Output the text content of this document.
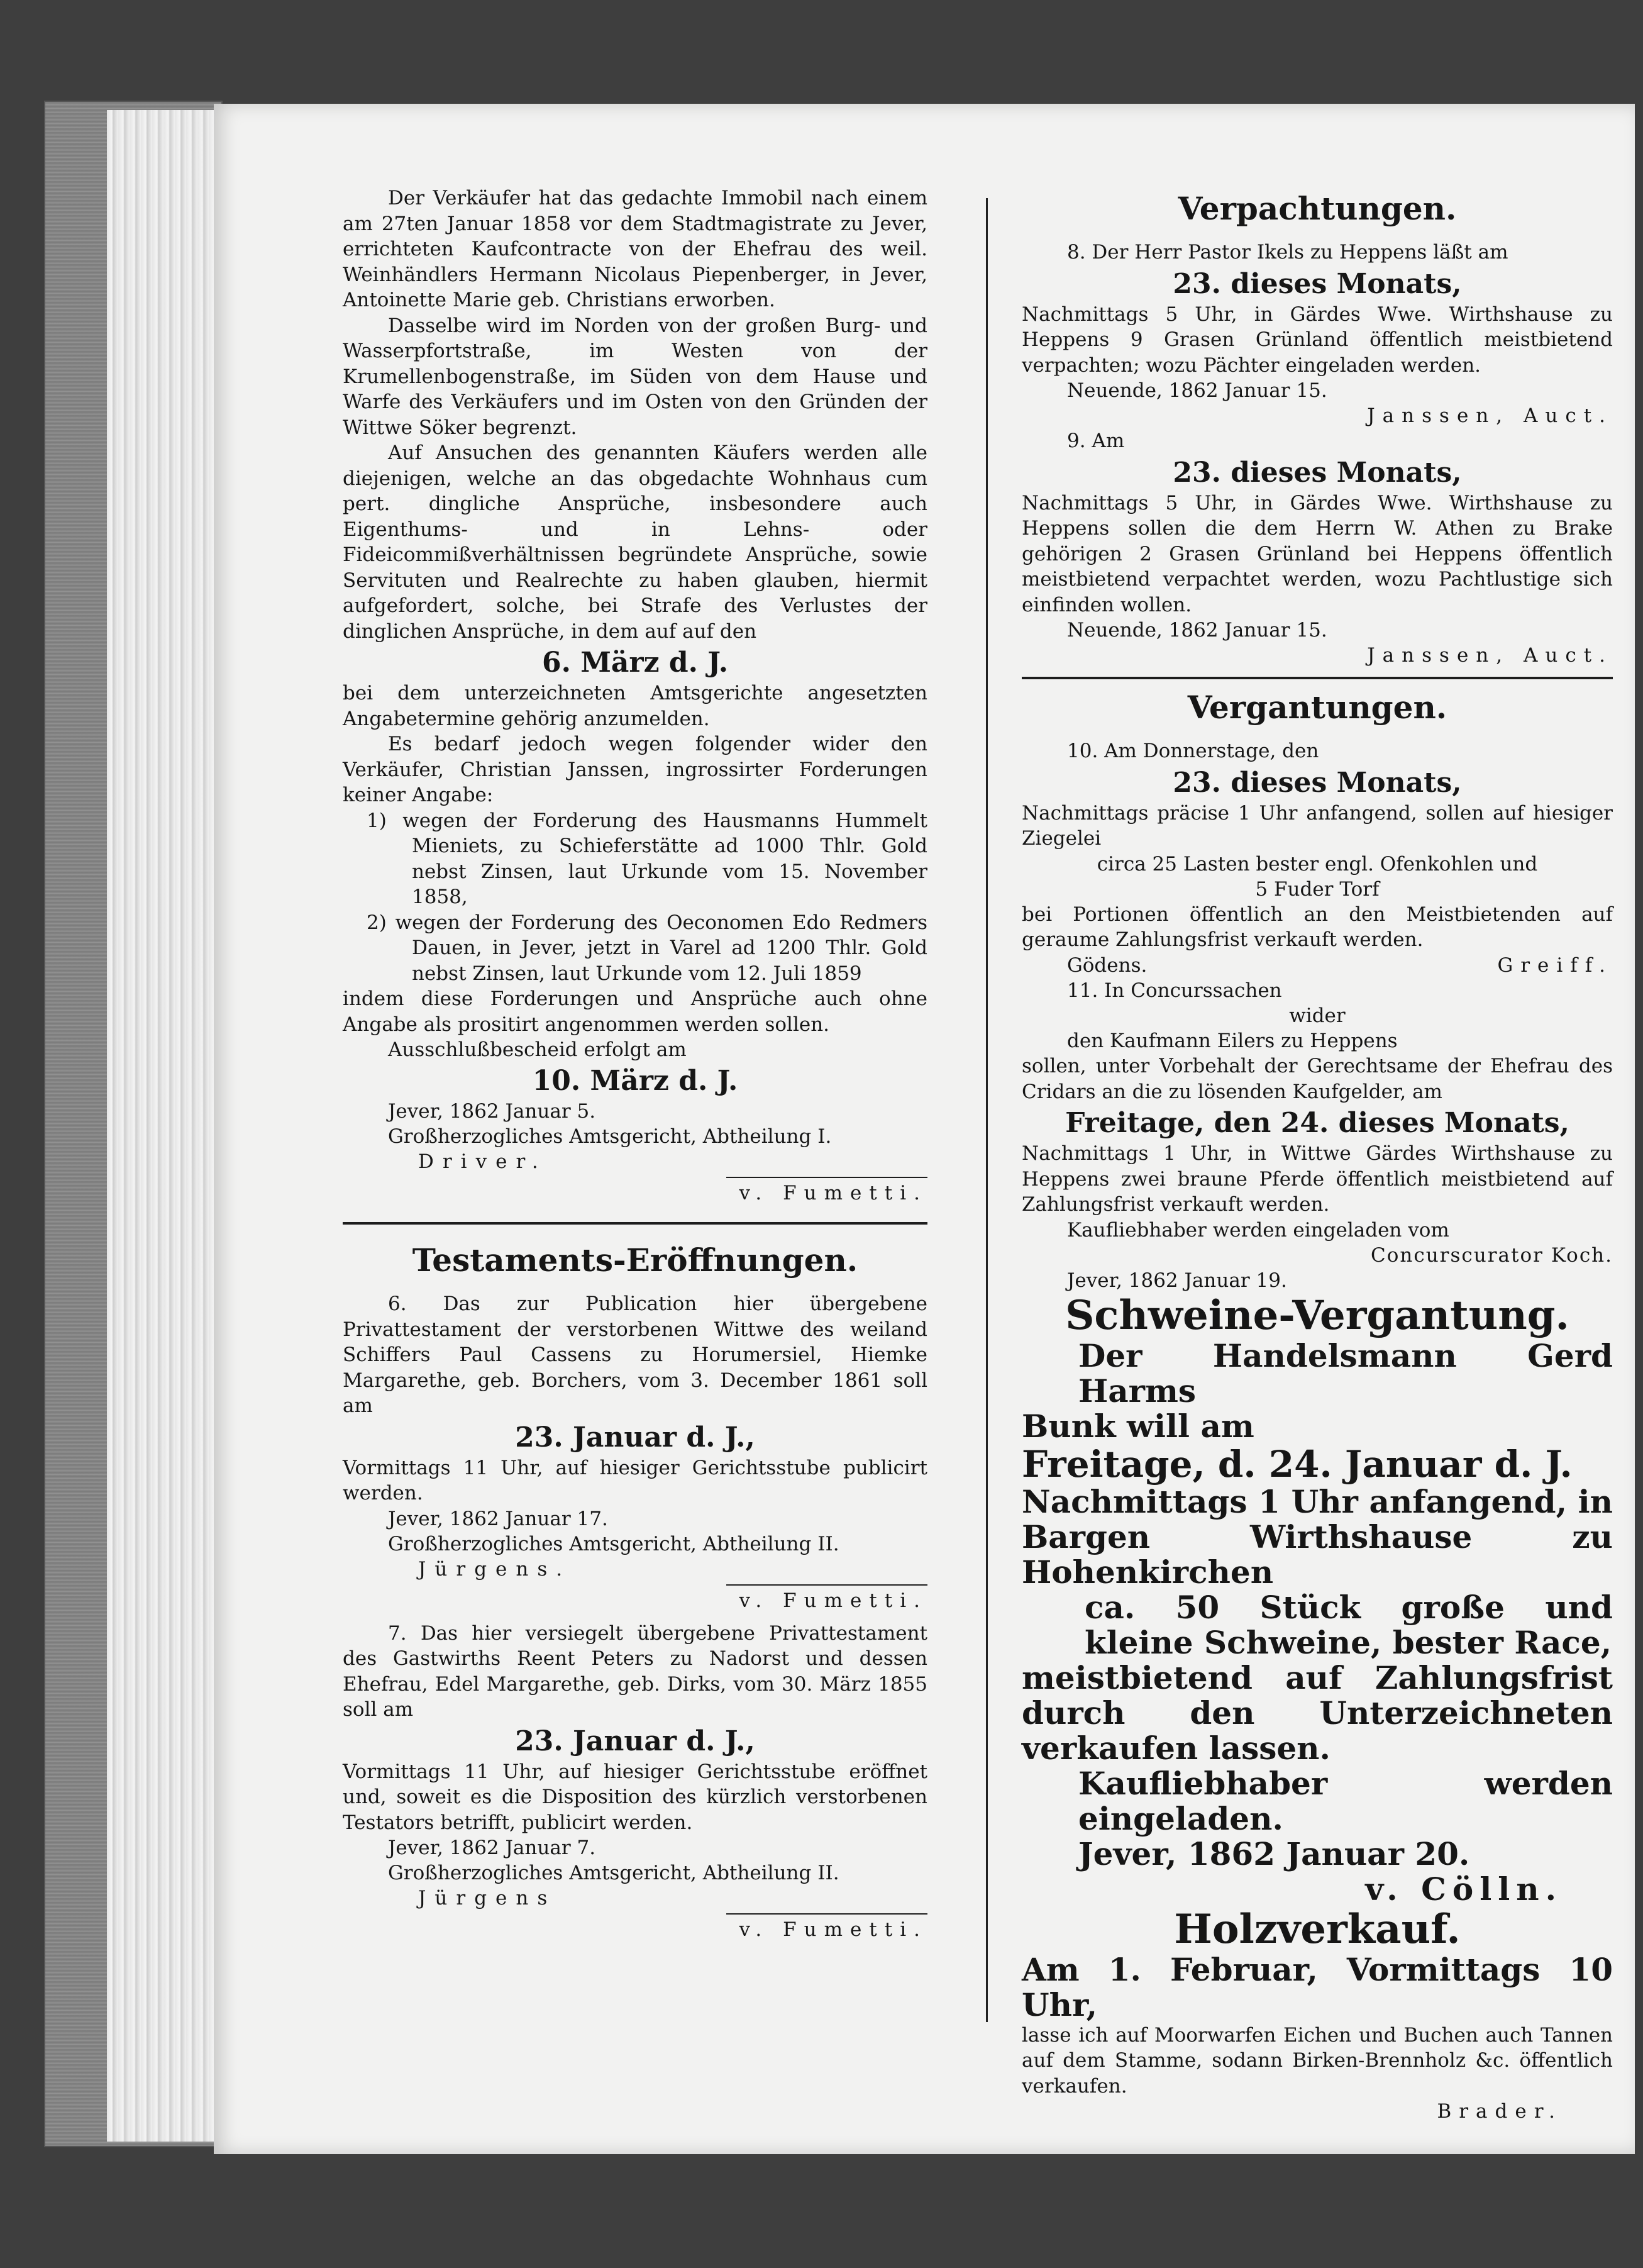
Der Verkäufer hat das gedachte Immobil nach einem am 27ten Januar 1858 vor dem Stadtmagistrate zu Jever, errichteten Kaufcontracte von der Ehefrau des weil. Weinhändlers Hermann Nicolaus Piepenberger, in Jever, Antoinette Marie geb. Christians erworben.

Dasselbe wird im Norden von der großen Burg- und Wasserpfortstraße, im Westen von der Krumellenbogenstraße, im Süden von dem Hause und Warfe des Verkäufers und im Osten von den Gründen der Wittwe Söker begrenzt.

Auf Ansuchen des genannten Käufers werden alle diejenigen, welche an das obgedachte Wohnhaus cum pert. dingliche Ansprüche, insbesondere auch Eigenthums- und in Lehns- oder Fideicommißverhältnissen begründete Ansprüche, sowie Servituten und Realrechte zu haben glauben, hiermit aufgefordert, solche, bei Strafe des Verlustes der dinglichen Ansprüche, in dem auf auf den

6. März d. J.

bei dem unterzeichneten Amtsgerichte angesetzten Angabetermine gehörig anzumelden.

Es bedarf jedoch wegen folgender wider den Verkäufer, Christian Janssen, ingrossirter Forderungen keiner Angabe:

1) wegen der Forderung des Hausmanns Hummelt Mieniets, zu Schieferstätte ad 1000 Thlr. Gold nebst Zinsen, laut Urkunde vom 15. November 1858,

2) wegen der Forderung des Oeconomen Edo Redmers Dauen, in Jever, jetzt in Varel ad 1200 Thlr. Gold nebst Zinsen, laut Urkunde vom 12. Juli 1859

indem diese Forderungen und Ansprüche auch ohne Angabe als prositirt angenommen werden sollen.

Ausschlußbescheid erfolgt am

10. März d. J.

Jever, 1862 Januar 5.

Großherzogliches Amtsgericht, Abtheilung I.

Driver.

v. Fumetti.

Testaments-Eröffnungen.

6. Das zur Publication hier übergebene Privattestament der verstorbenen Wittwe des weiland Schiffers Paul Cassens zu Horumersiel, Hiemke Margarethe, geb. Borchers, vom 3. December 1861 soll am

23. Januar d. J.,

Vormittags 11 Uhr, auf hiesiger Gerichtsstube publicirt werden.

Jever, 1862 Januar 17.

Großherzogliches Amtsgericht, Abtheilung II.

Jürgens.

v. Fumetti.

7. Das hier versiegelt übergebene Privattestament des Gastwirths Reent Peters zu Nadorst und dessen Ehefrau, Edel Margarethe, geb. Dirks, vom 30. März 1855 soll am

23. Januar d. J.,

Vormittags 11 Uhr, auf hiesiger Gerichtsstube eröffnet und, soweit es die Disposition des kürzlich verstorbenen Testators betrifft, publicirt werden.

Jever, 1862 Januar 7.

Großherzogliches Amtsgericht, Abtheilung II.

Jürgens

v. Fumetti.

Verpachtungen.

8. Der Herr Pastor Ikels zu Heppens läßt am

23. dieses Monats,

Nachmittags 5 Uhr, in Gärdes Wwe. Wirthshause zu Heppens 9 Grasen Grünland öffentlich meistbietend verpachten; wozu Pächter eingeladen werden.

Neuende, 1862 Januar 15.

Janssen, Auct.

9. Am

23. dieses Monats,

Nachmittags 5 Uhr, in Gärdes Wwe. Wirthshause zu Heppens sollen die dem Herrn W. Athen zu Brake gehörigen 2 Grasen Grünland bei Heppens öffentlich meistbietend verpachtet werden, wozu Pachtlustige sich einfinden wollen.

Neuende, 1862 Januar 15.

Janssen, Auct.

Vergantungen.

10. Am Donnerstage, den

23. dieses Monats,

Nachmittags präcise 1 Uhr anfangend, sollen auf hiesiger Ziegelei

circa 25 Lasten bester engl. Ofenkohlen und

5 Fuder Torf

bei Portionen öffentlich an den Meistbietenden auf geraume Zahlungsfrist verkauft werden.

Gödens.	Greiff.

11. In Concurssachen

wider

den Kaufmann Eilers zu Heppens

sollen, unter Vorbehalt der Gerechtsame der Ehefrau des Cridars an die zu lösenden Kaufgelder, am

Freitage, den 24. dieses Monats,

Nachmittags 1 Uhr, in Wittwe Gärdes Wirthshause zu Heppens zwei braune Pferde öffentlich meistbietend auf Zahlungsfrist verkauft werden.

Kaufliebhaber werden eingeladen vom

Concurscurator Koch.

Jever, 1862 Januar 19.

Schweine-Vergantung.

Der Handelsmann Gerd Harms

Bunk will am

Freitage, d. 24. Januar d. J.

Nachmittags 1 Uhr anfangend, in Bargen Wirthshause zu Hohenkirchen

ca. 50 Stück große und kleine Schweine, bester Race,

meistbietend auf Zahlungsfrist durch den Unterzeichneten verkaufen lassen.

Kaufliebhaber werden eingeladen.

Jever, 1862 Januar 20.

v. Cölln.

Holzverkauf.

Am 1. Februar, Vormittags 10 Uhr,

lasse ich auf Moorwarfen Eichen und Buchen auch Tannen auf dem Stamme, sodann Birken-Brennholz &c. öffentlich verkaufen.

Brader.
